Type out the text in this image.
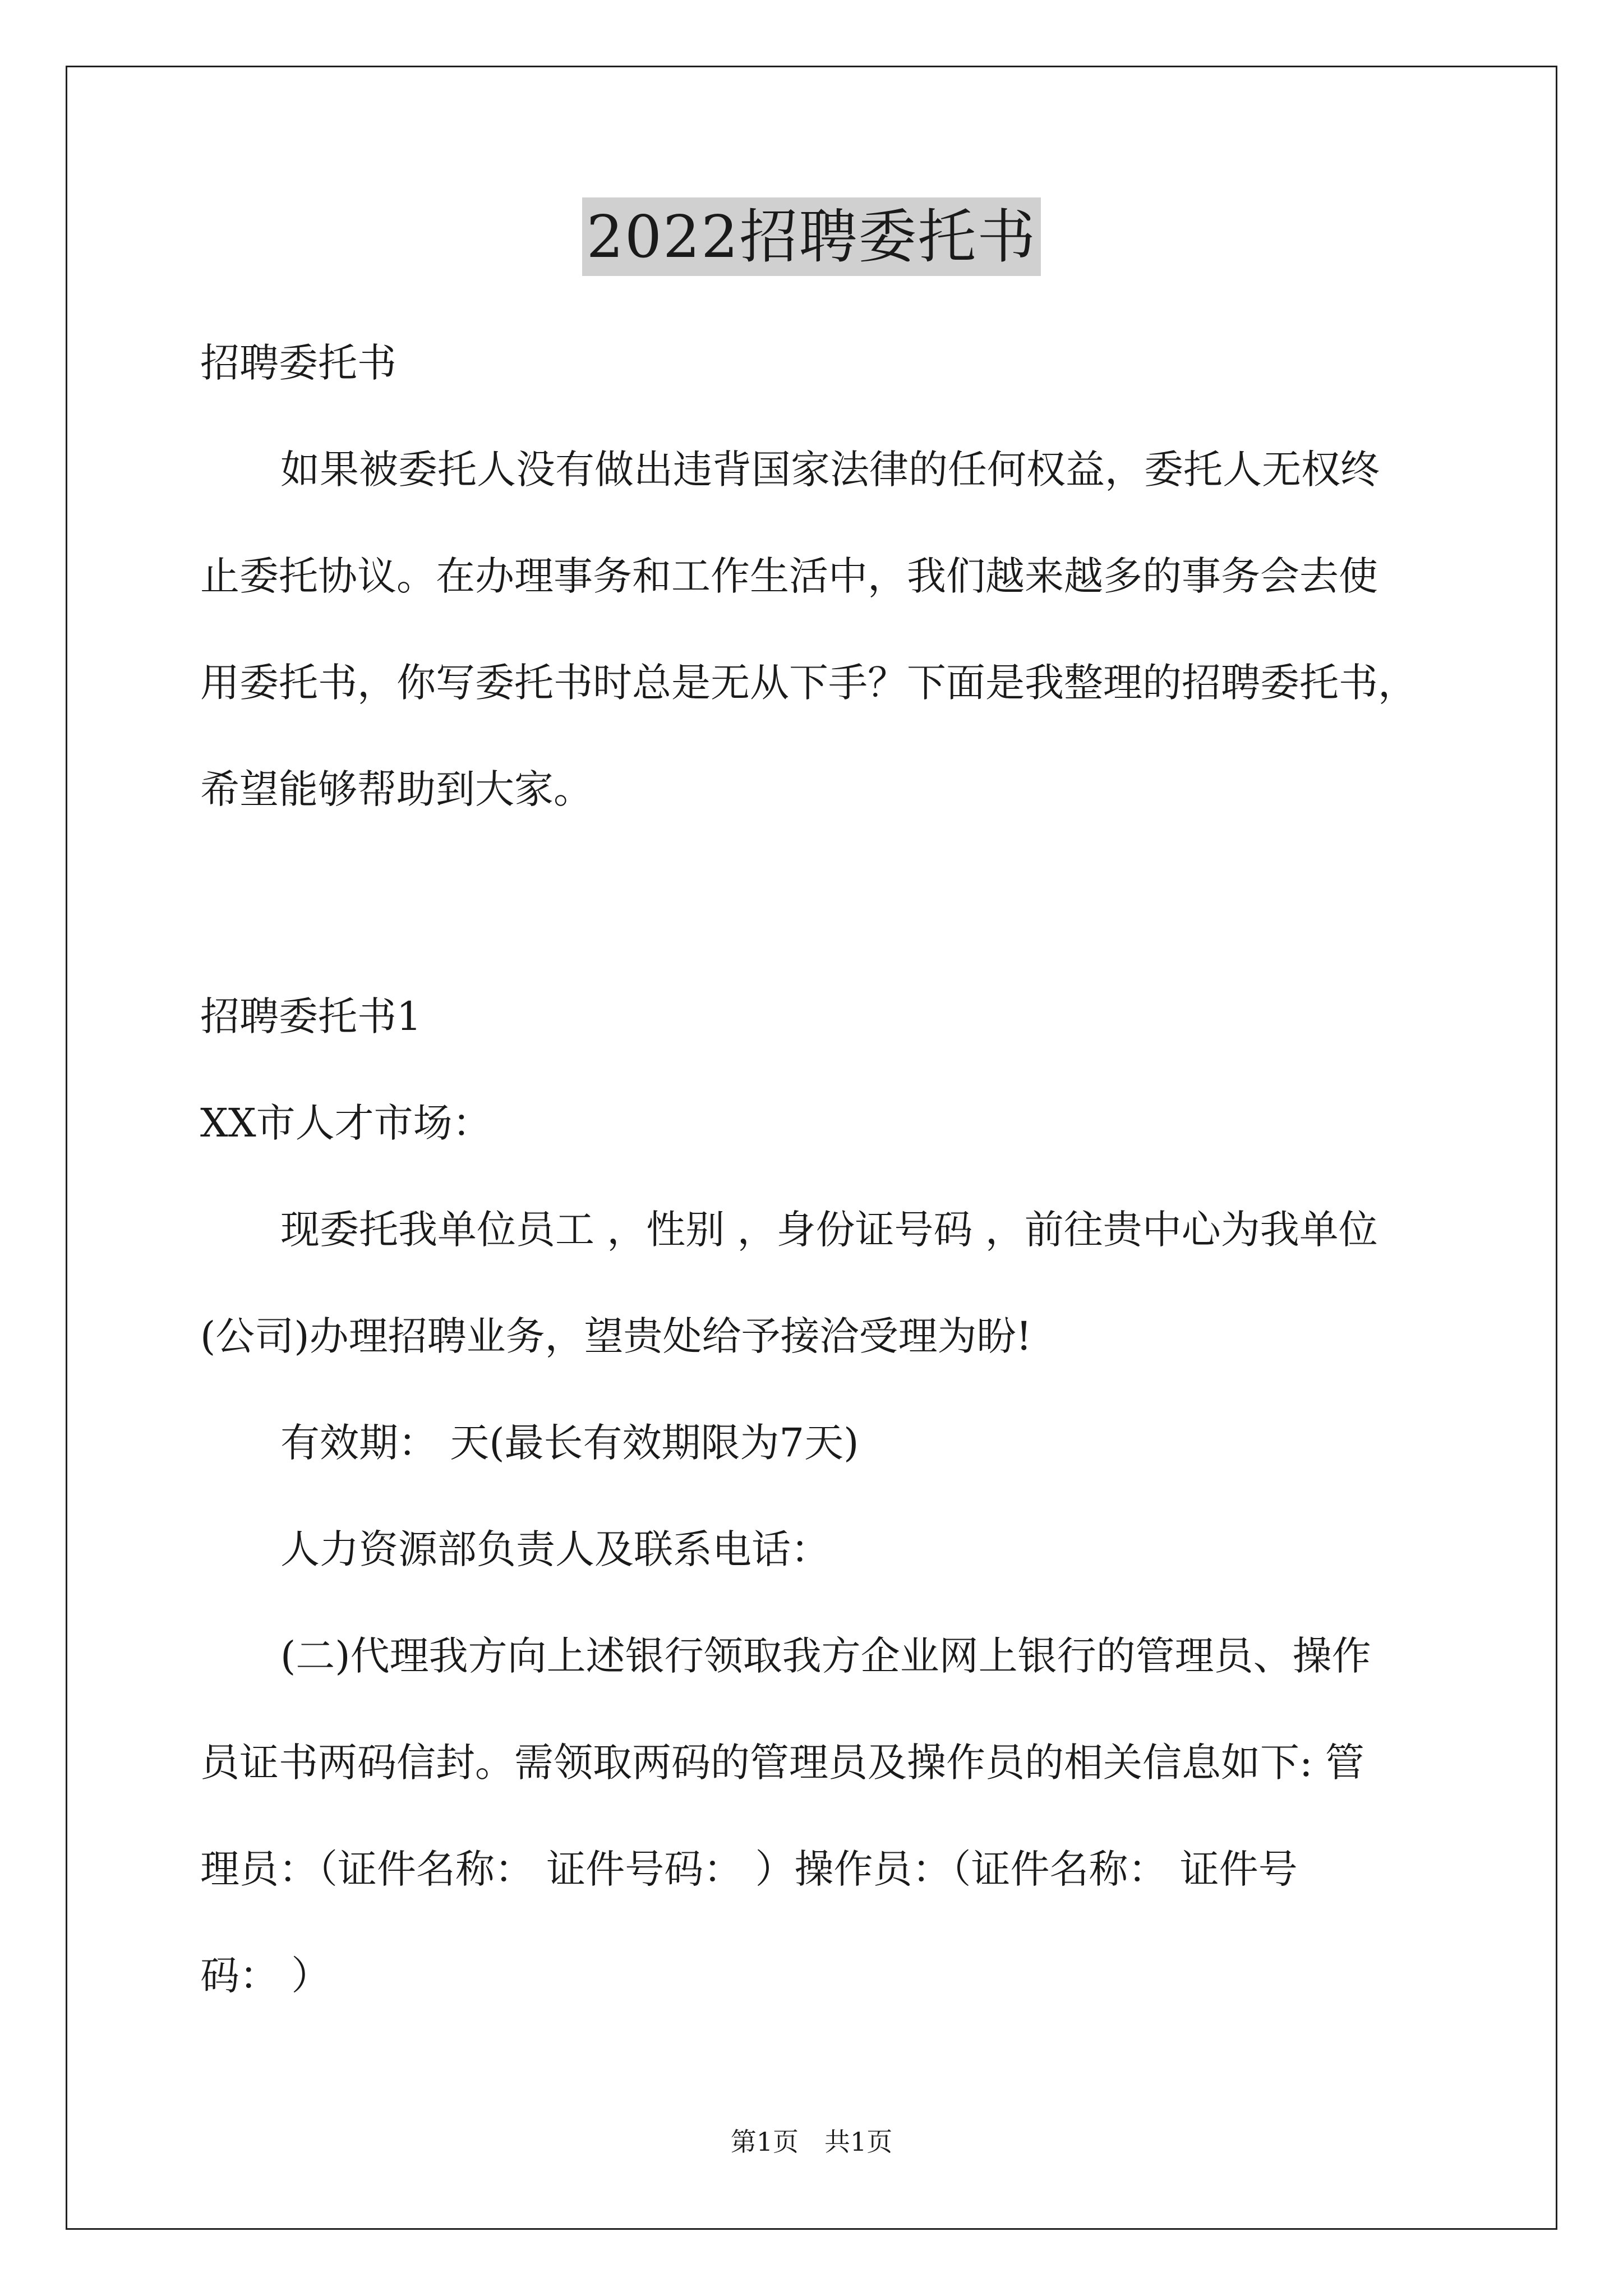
2022招聘委托书

招聘委托书

如果被委托人没有做出违背国家法律的任何权益，委托人无权终

止委托协议。在办理事务和工作生活中，我们越来越多的事务会去使

用委托书，你写委托书时总是无从下手？下面是我整理的招聘委托书，

希望能够帮助到大家。

招聘委托书1

XX市人才市场：

现委托我单位员工 ，性别 ，身份证号码 ，前往贵中心为我单位

(公司)办理招聘业务，望贵处给予接洽受理为盼!

有效期： 天(最长有效期限为7天)

人力资源部负责人及联系电话：

(二)代理我方向上述银行领取我方企业网上银行的管理员、操作

员证书两码信封。需领取两码的管理员及操作员的相关信息如下: 管

理员：（证件名称： 证件号码： ）操作员：（证件名称： 证件号

码： ）

第1页　共1页
